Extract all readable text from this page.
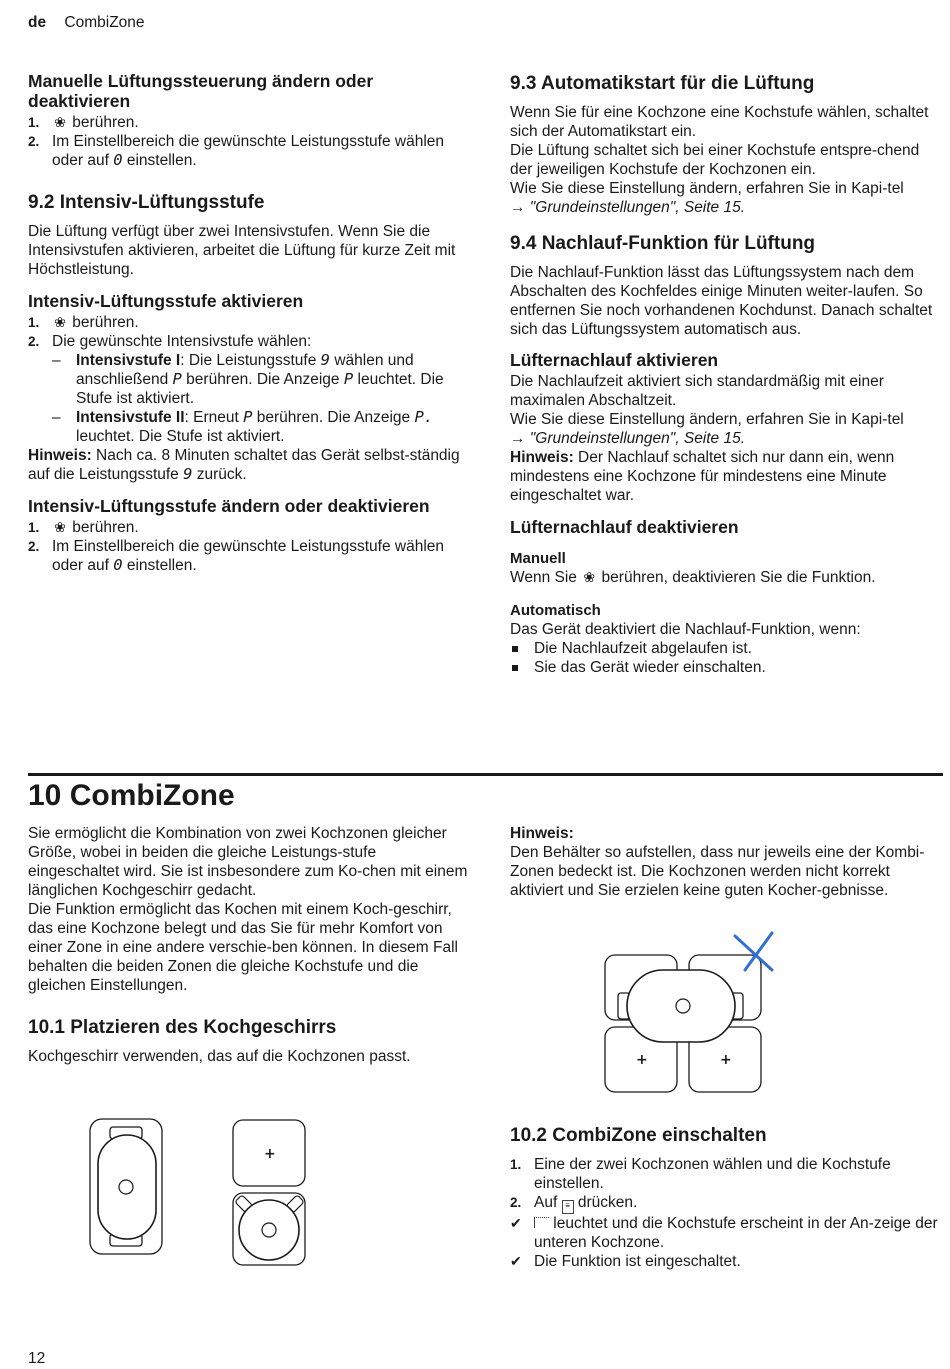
de CombiZone
Manuelle Lüftungssteuerung ändern oder deaktivieren
1. ❀ berühren.
2. Im Einstellbereich die gewünschte Leistungsstufe wählen oder auf 0 einstellen.
9.2 Intensiv-Lüftungsstufe

Die Lüftung verfügt über zwei Intensivstufen. Wenn Sie die Intensivstufen aktivieren, arbeitet die Lüftung für kurze Zeit mit Höchstleistung.

Intensiv-Lüftungsstufe aktivieren
1. ❀ berühren.
2. Die gewünschte Intensivstufe wählen:
– Intensivstufe I: Die Leistungsstufe 9 wählen und anschließend P berühren. Die Anzeige P leuchtet. Die Stufe ist aktiviert.
– Intensivstufe II: Erneut P berühren. Die Anzeige P. leuchtet. Die Stufe ist aktiviert.

Hinweis: Nach ca. 8 Minuten schaltet das Gerät selbst-ständig auf die Leistungsstufe 9 zurück.

Intensiv-Lüftungsstufe ändern oder deaktivieren
1. ❀ berühren.
2. Im Einstellbereich die gewünschte Leistungsstufe wählen oder auf 0 einstellen.
9.3 Automatikstart für die Lüftung

Wenn Sie für eine Kochzone eine Kochstufe wählen, schaltet sich der Automatikstart ein.
Die Lüftung schaltet sich bei einer Kochstufe entspre-chend der jeweiligen Kochstufe der Kochzonen ein.
Wie Sie diese Einstellung ändern, erfahren Sie in Kapi-tel

→ "Grundeinstellungen", Seite 15.

9.4 Nachlauf-Funktion für Lüftung

Die Nachlauf-Funktion lässt das Lüftungssystem nach dem Abschalten des Kochfeldes einige Minuten weiter-laufen. So entfernen Sie noch vorhandenen Kochdunst. Danach schaltet sich das Lüftungssystem automatisch aus.

Lüfternachlauf aktivieren

Die Nachlaufzeit aktiviert sich standardmäßig mit einer maximalen Abschaltzeit.
Wie Sie diese Einstellung ändern, erfahren Sie in Kapi-tel

→ "Grundeinstellungen", Seite 15.

Hinweis: Der Nachlauf schaltet sich nur dann ein, wenn mindestens eine Kochzone für mindestens eine Minute eingeschaltet war.

Lüfternachlauf deaktivieren

Manuell

Wenn Sie ❀ berühren, deaktivieren Sie die Funktion.

Automatisch

Das Gerät deaktiviert die Nachlauf-Funktion, wenn:

Die Nachlaufzeit abgelaufen ist.
Sie das Gerät wieder einschalten.
10 CombiZone

Sie ermöglicht die Kombination von zwei Kochzonen gleicher Größe, wobei in beiden die gleiche Leistungs-stufe eingeschaltet wird. Sie ist insbesondere zum Ko-chen mit einem länglichen Kochgeschirr gedacht.
Die Funktion ermöglicht das Kochen mit einem Koch-geschirr, das eine Kochzone belegt und das Sie für mehr Komfort von einer Zone in eine andere verschie-ben können. In diesem Fall behalten die beiden Zonen die gleiche Kochstufe und die gleichen Einstellungen.

10.1 Platzieren des Kochgeschirrs

Kochgeschirr verwenden, das auf die Kochzonen passt.

Hinweis:

Den Behälter so aufstellen, dass nur jeweils eine der Kombi-Zonen bedeckt ist. Die Kochzonen werden nicht korrekt aktiviert und Sie erzielen keine guten Kocher-gebnisse.

+	+
+
10.2 CombiZone einschalten
1. Eine der zwei Kochzonen wählen und die Kochstufe einstellen.
2. Auf ≡ drücken.
✔ leuchtet und die Kochstufe erscheint in der An-zeige der unteren Kochzone.
✔ Die Funktion ist eingeschaltet.
12
